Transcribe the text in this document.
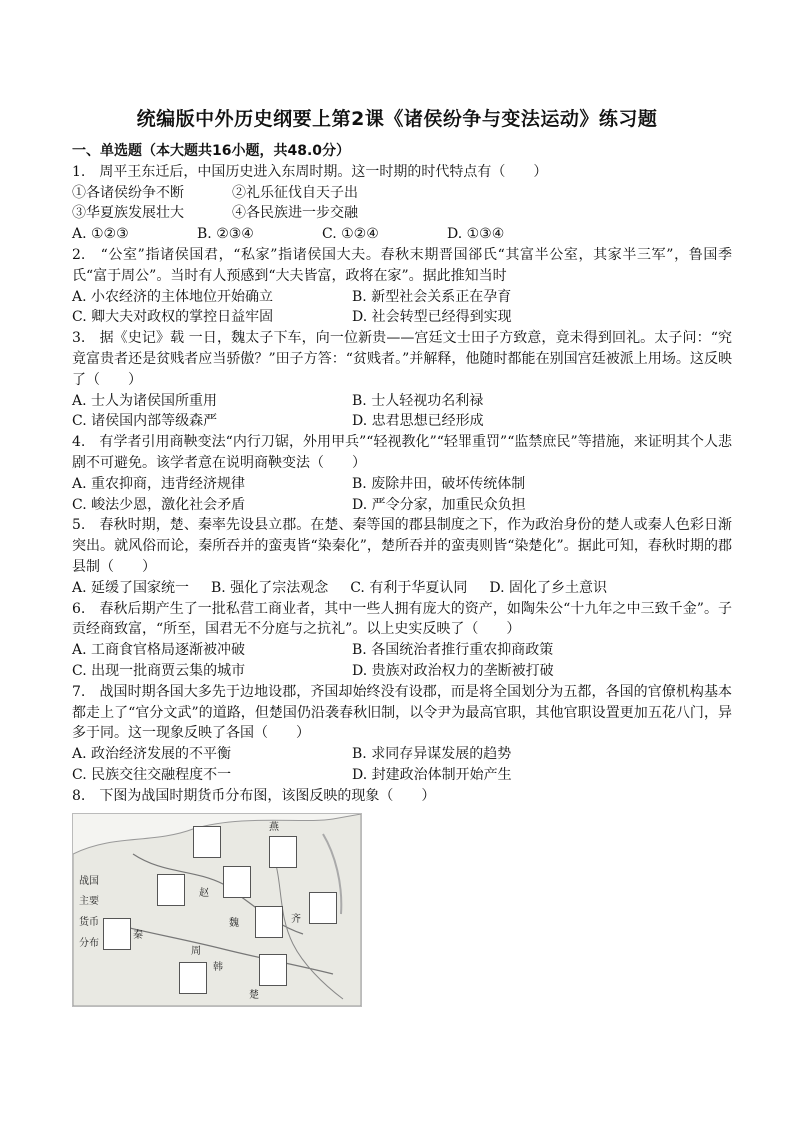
统编版中外历史纲要上第2课《诸侯纷争与变法运动》练习题
一、单选题（本大题共16小题，共48.0分）

1.　周平王东迁后，中国历史进入东周时期。这一时期的时代特点有（　　）

①各诸侯纷争不断	②礼乐征伐自天子出
③华夏族发展壮大	④各民族进一步交融
A. ①②③	B. ②③④	C. ①②④	D. ①③④

2.　“公室”指诸侯国君，“私家”指诸侯国大夫。春秋末期晋国郤氏“其富半公室，其家半三军”，鲁国季氏“富于周公”。当时有人预感到“大夫皆富，政将在家”。据此推知当时

A. 小农经济的主体地位开始确立	B. 新型社会关系正在孕育
C. 卿大夫对政权的掌控日益牢固	D. 社会转型已经得到实现

3.　据《史记》载 一日，魏太子下车，向一位新贵——宫廷文士田子方致意，竟未得到回礼。太子问：“究竟富贵者还是贫贱者应当骄傲？”田子方答：“贫贱者。”并解释，他随时都能在别国宫廷被派上用场。这反映了（　　）

A. 士人为诸侯国所重用	B. 士人轻视功名利禄
C. 诸侯国内部等级森严	D. 忠君思想已经形成

4.　有学者引用商鞅变法“内行刀锯，外用甲兵”“轻视教化”“轻罪重罚”“监禁庶民”等措施，来证明其个人悲剧不可避免。该学者意在说明商鞅变法（　　）

A. 重农抑商，违背经济规律	B. 废除井田，破坏传统体制
C. 峻法少恩，激化社会矛盾	D. 严令分家，加重民众负担

5.　春秋时期，楚、秦率先设县立郡。在楚、秦等国的郡县制度之下，作为政治身份的楚人或秦人色彩日渐突出。就风俗而论，秦所吞并的蛮夷皆“染秦化”，楚所吞并的蛮夷则皆“染楚化”。据此可知，春秋时期的郡县制（　　）

A. 延缓了国家统一 B. 强化了宗法观念 C. 有利于华夏认同 D. 固化了乡土意识

6.　春秋后期产生了一批私营工商业者，其中一些人拥有庞大的资产，如陶朱公“十九年之中三致千金”。子贡经商致富，“所至，国君无不分庭与之抗礼”。以上史实反映了（　　）

A. 工商食官格局逐渐被冲破	B. 各国统治者推行重农抑商政策
C. 出现一批商贾云集的城市	D. 贵族对政治权力的垄断被打破

7.　战国时期各国大多先于边地设郡，齐国却始终没有设郡，而是将全国划分为五都，各国的官僚机构基本都走上了“官分文武”的道路，但楚国仍沿袭春秋旧制，以令尹为最高官职，其他官职设置更加五花八门，异多于同。这一现象反映了各国（　　）

A. 政治经济发展的不平衡	B. 求同存异谋发展的趋势
C. 民族交往交融程度不一	D. 封建政治体制开始产生

8.　下图为战国时期货币分布图，该图反映的现象（　　）

战国
主要
货币
分布
燕
赵
秦
魏
韩
齐
楚
周
